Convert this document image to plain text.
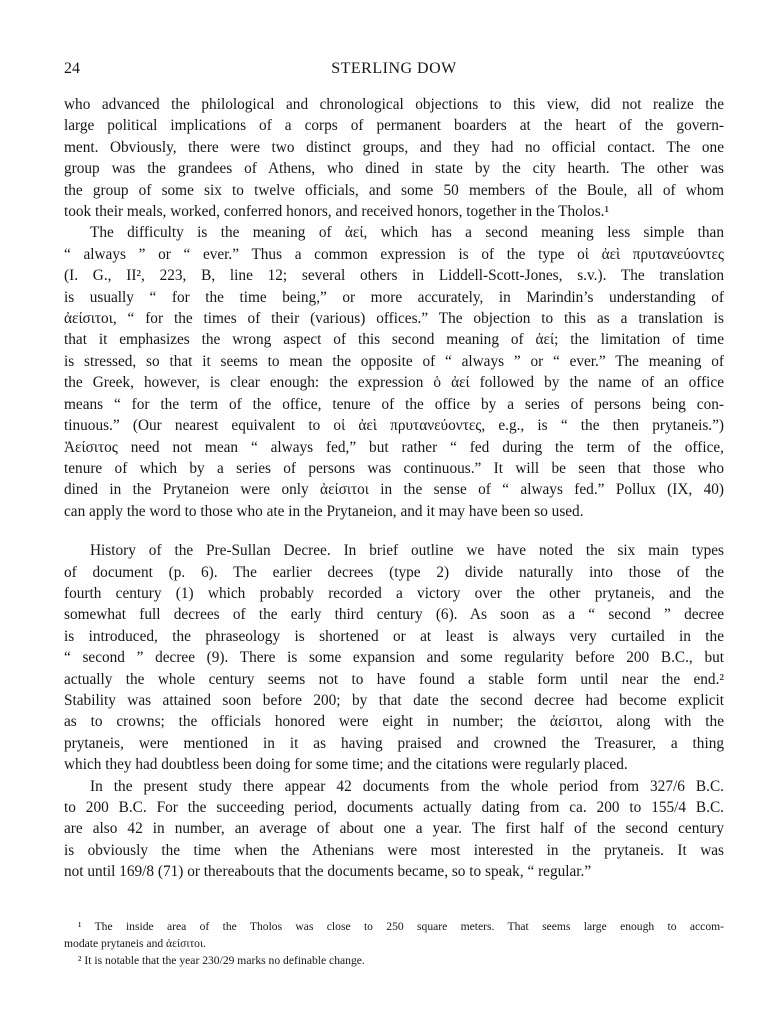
24	STERLING DOW

who advanced the philological and chronological objections to this view, did not realize the
large political implications of a corps of permanent boarders at the heart of the govern-
ment. Obviously, there were two distinct groups, and they had no official contact. The one
group was the grandees of Athens, who dined in state by the city hearth. The other was
the group of some six to twelve officials, and some 50 members of the Boule, all of whom
took their meals, worked, conferred honors, and received honors, together in the Tholos.¹

The difficulty is the meaning of ἀεί, which has a second meaning less simple than
“ always ” or “ ever.” Thus a common expression is of the type οἱ ἀεὶ πρυτανεύοντες
(I. G., II², 223, B, line 12; several others in Liddell-Scott-Jones, s.v.). The translation
is usually “ for the time being,” or more accurately, in Marindin’s understanding of
ἀείσιτοι, “ for the times of their (various) offices.” The objection to this as a translation is
that it emphasizes the wrong aspect of this second meaning of ἀεί; the limitation of time
is stressed, so that it seems to mean the opposite of “ always ” or “ ever.” The meaning of
the Greek, however, is clear enough: the expression ὁ ἀεί followed by the name of an office
means “ for the term of the office, tenure of the office by a series of persons being con-
tinuous.” (Our nearest equivalent to οἱ ἀεὶ πρυτανεύοντες, e.g., is “ the then prytaneis.”)
Ἀείσιτος need not mean “ always fed,” but rather “ fed during the term of the office,
tenure of which by a series of persons was continuous.” It will be seen that those who
dined in the Prytaneion were only ἀείσιτοι in the sense of “ always fed.” Pollux (IX, 40)
can apply the word to those who ate in the Prytaneion, and it may have been so used.

History of the Pre-Sullan Decree. In brief outline we have noted the six main types
of document (p. 6). The earlier decrees (type 2) divide naturally into those of the
fourth century (1) which probably recorded a victory over the other prytaneis, and the
somewhat full decrees of the early third century (6). As soon as a “ second ” decree
is introduced, the phraseology is shortened or at least is always very curtailed in the
“ second ” decree (9). There is some expansion and some regularity before 200 B.C., but
actually the whole century seems not to have found a stable form until near the end.²
Stability was attained soon before 200; by that date the second decree had become explicit
as to crowns; the officials honored were eight in number; the ἀείσιτοι, along with the
prytaneis, were mentioned in it as having praised and crowned the Treasurer, a thing
which they had doubtless been doing for some time; and the citations were regularly placed.

In the present study there appear 42 documents from the whole period from 327/6 B.C.
to 200 B.C. For the succeeding period, documents actually dating from ca. 200 to 155/4 B.C.
are also 42 in number, an average of about one a year. The first half of the second century
is obviously the time when the Athenians were most interested in the prytaneis. It was
not until 169/8 (71) or thereabouts that the documents became, so to speak, “ regular.”

¹ The inside area of the Tholos was close to 250 square meters. That seems large enough to accom-
modate prytaneis and ἀείσιτοι.

² It is notable that the year 230/29 marks no definable change.
